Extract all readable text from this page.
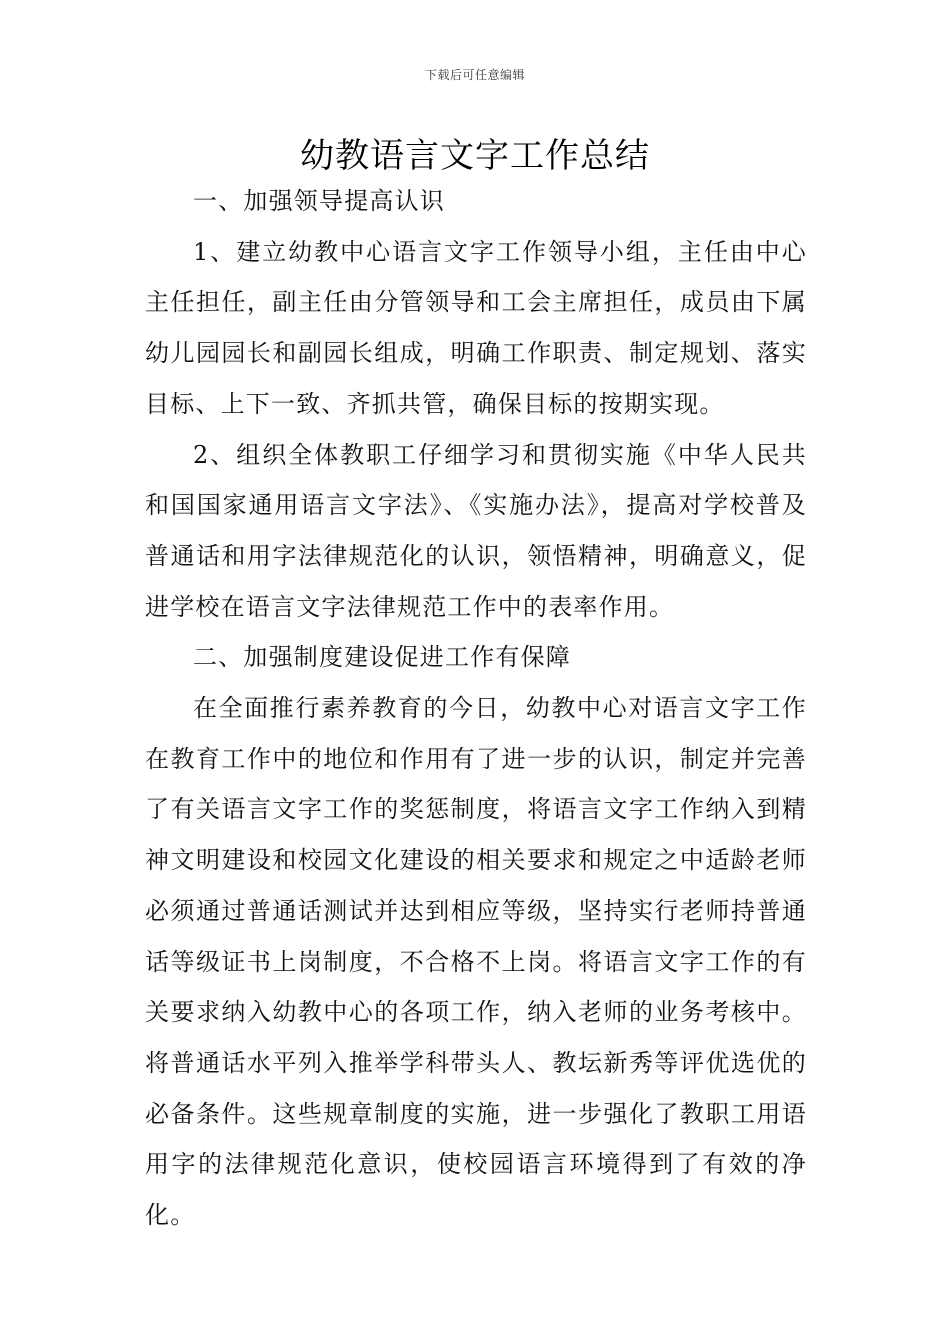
下载后可任意编辑
幼教语言文字工作总结

一、加强领导提高认识

1、建立幼教中心语言文字工作领导小组，主任由中心主任担任，副主任由分管领导和工会主席担任，成员由下属幼儿园园长和副园长组成，明确工作职责、制定规划、落实目标、上下一致、齐抓共管，确保目标的按期实现。

2、组织全体教职工仔细学习和贯彻实施《中华人民共和国国家通用语言文字法》、《实施办法》，提高对学校普及普通话和用字法律规范化的认识，领悟精神，明确意义，促进学校在语言文字法律规范工作中的表率作用。

二、加强制度建设促进工作有保障

在全面推行素养教育的今日，幼教中心对语言文字工作在教育工作中的地位和作用有了进一步的认识，制定并完善了有关语言文字工作的奖惩制度，将语言文字工作纳入到精神文明建设和校园文化建设的相关要求和规定之中适龄老师必须通过普通话测试并达到相应等级，坚持实行老师持普通话等级证书上岗制度，不合格不上岗。将语言文字工作的有关要求纳入幼教中心的各项工作，纳入老师的业务考核中。将普通话水平列入推举学科带头人、教坛新秀等评优选优的必备条件。这些规章制度的实施，进一步强化了教职工用语用字的法律规范化意识，使校园语言环境得到了有效的净化。
